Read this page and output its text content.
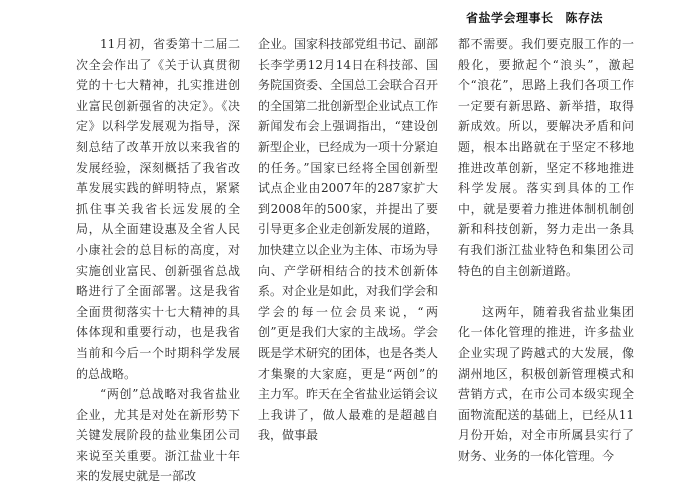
省盐学会理事长 陈存法

11月初，省委第十二届二次全会作出了《关于认真贯彻党的十七大精神，扎实推进创业富民创新强省的决定》。《决定》以科学发展观为指导，深刻总结了改革开放以来我省的发展经验，深刻概括了我省改革发展实践的鲜明特点，紧紧抓住事关我省长远发展的全局，从全面建设惠及全省人民小康社会的总目标的高度，对实施创业富民、创新强省总战略进行了全面部署。这是我省全面贯彻落实十七大精神的具体体现和重要行动，也是我省当前和今后一个时期科学发展的总战略。

“两创”总战略对我省盐业企业，尤其是对处在新形势下关键发展阶段的盐业集团公司来说至关重要。浙江盐业十年来的发展史就是一部改

企业。国家科技部党组书记、副部长李学勇12月14日在科技部、国务院国资委、全国总工会联合召开的全国第二批创新型企业试点工作新闻发布会上强调指出，“建设创新型企业，已经成为一项十分紧迫的任务。”国家已经将全国创新型试点企业由2007年的287家扩大到2008年的500家，并提出了要引导更多企业走创新发展的道路，加快建立以企业为主体、市场为导向、产学研相结合的技术创新体系。对企业是如此，对我们学会和学会的每一位会员来说，“两创”更是我们大家的主战场。学会既是学术研究的团体，也是各类人才集聚的大家庭，更是“两创”的主力军。昨天在全省盐业运销会议上我讲了，做人最难的是超越自我，做事最

都不需要。我们要克服工作的一般化，要掀起个“浪头”，激起个“浪花”，思路上我们各项工作一定要有新思路、新举措，取得新成效。所以，要解决矛盾和问题，根本出路就在于坚定不移地推进改革创新，坚定不移地推进科学发展。落实到具体的工作中，就是要着力推进体制机制创新和科技创新，努力走出一条具有我们浙江盐业特色和集团公司特色的自主创新道路。

这两年，随着我省盐业集团化一体化管理的推进，许多盐业企业实现了跨越式的大发展，像湖州地区，积极创新管理模式和营销方式，在市公司本级实现全面物流配送的基础上，已经从11月份开始，对全市所属县实行了财务、业务的一体化管理。今
